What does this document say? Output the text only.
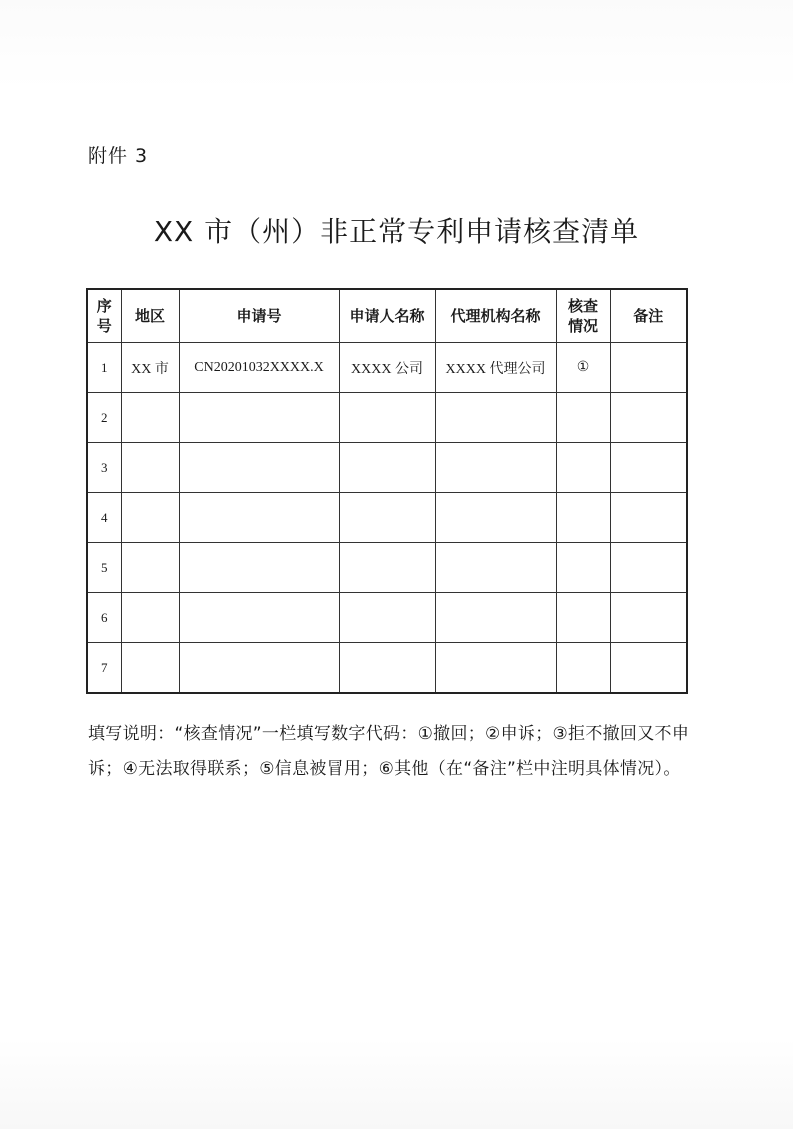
附件 3
XX 市（州）非正常专利申请核查清单
序号	地区	申请号	申请人名称	代理机构名称	核查情况	备注
1	XX 市	CN20201032XXXX.X	XXXX 公司	XXXX 代理公司	①	
2						
3						
4						
5						
6						
7						
填写说明：“核查情况”一栏填写数字代码：①撤回；②申诉；③拒不撤回又不申诉；④无法取得联系；⑤信息被冒用；⑥其他（在“备注”栏中注明具体情况）。
